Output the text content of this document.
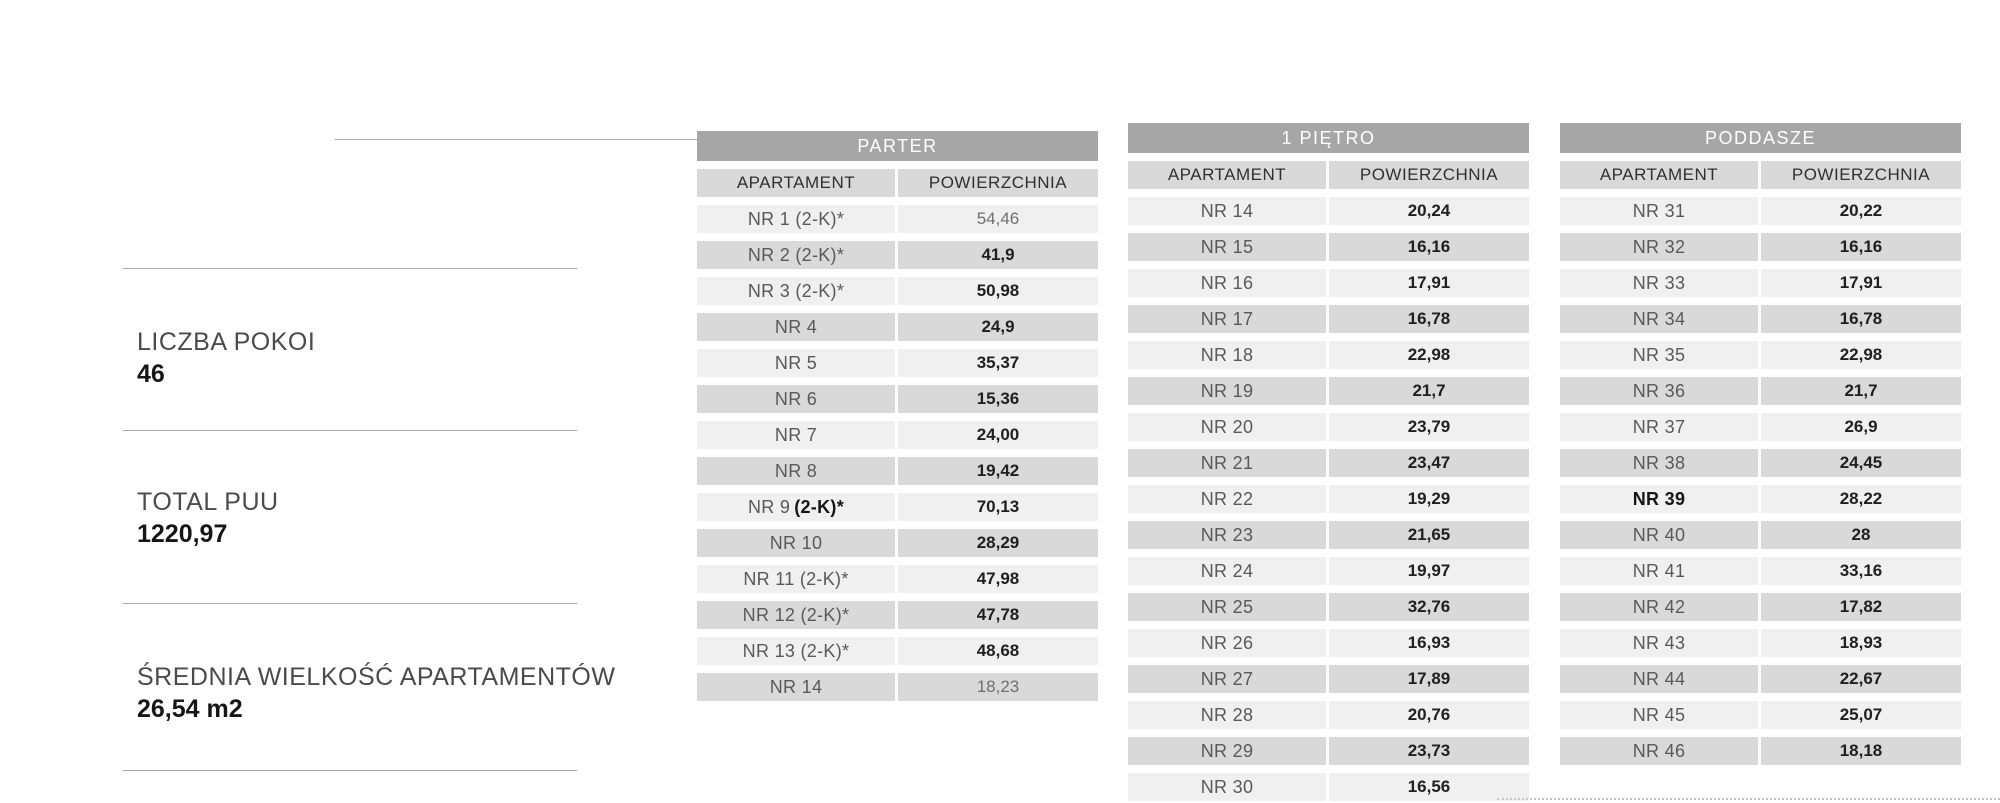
LICZBA POKOI
46
TOTAL PUU
1220,97
ŚREDNIA WIELKOŚĆ APARTAMENTÓW
26,54 m2
PARTER
APARTAMENT	POWIERZCHNIA
NR 1 (2-K)*	54,46
NR 2 (2-K)*	41,9
NR 3 (2-K)*	50,98
NR 4	24,9
NR 5	35,37
NR 6	15,36
NR 7	24,00
NR 8	19,42
NR 9 (2-K)*	70,13
NR 10	28,29
NR 11 (2-K)*	47,98
NR 12 (2-K)*	47,78
NR 13 (2-K)*	48,68
NR 14	18,23
1 PIĘTRO
APARTAMENT	POWIERZCHNIA
NR 14	20,24
NR 15	16,16
NR 16	17,91
NR 17	16,78
NR 18	22,98
NR 19	21,7
NR 20	23,79
NR 21	23,47
NR 22	19,29
NR 23	21,65
NR 24	19,97
NR 25	32,76
NR 26	16,93
NR 27	17,89
NR 28	20,76
NR 29	23,73
NR 30	16,56
PODDASZE
APARTAMENT	POWIERZCHNIA
NR 31	20,22
NR 32	16,16
NR 33	17,91
NR 34	16,78
NR 35	22,98
NR 36	21,7
NR 37	26,9
NR 38	24,45
NR 39	28,22
NR 40	28
NR 41	33,16
NR 42	17,82
NR 43	18,93
NR 44	22,67
NR 45	25,07
NR 46	18,18
